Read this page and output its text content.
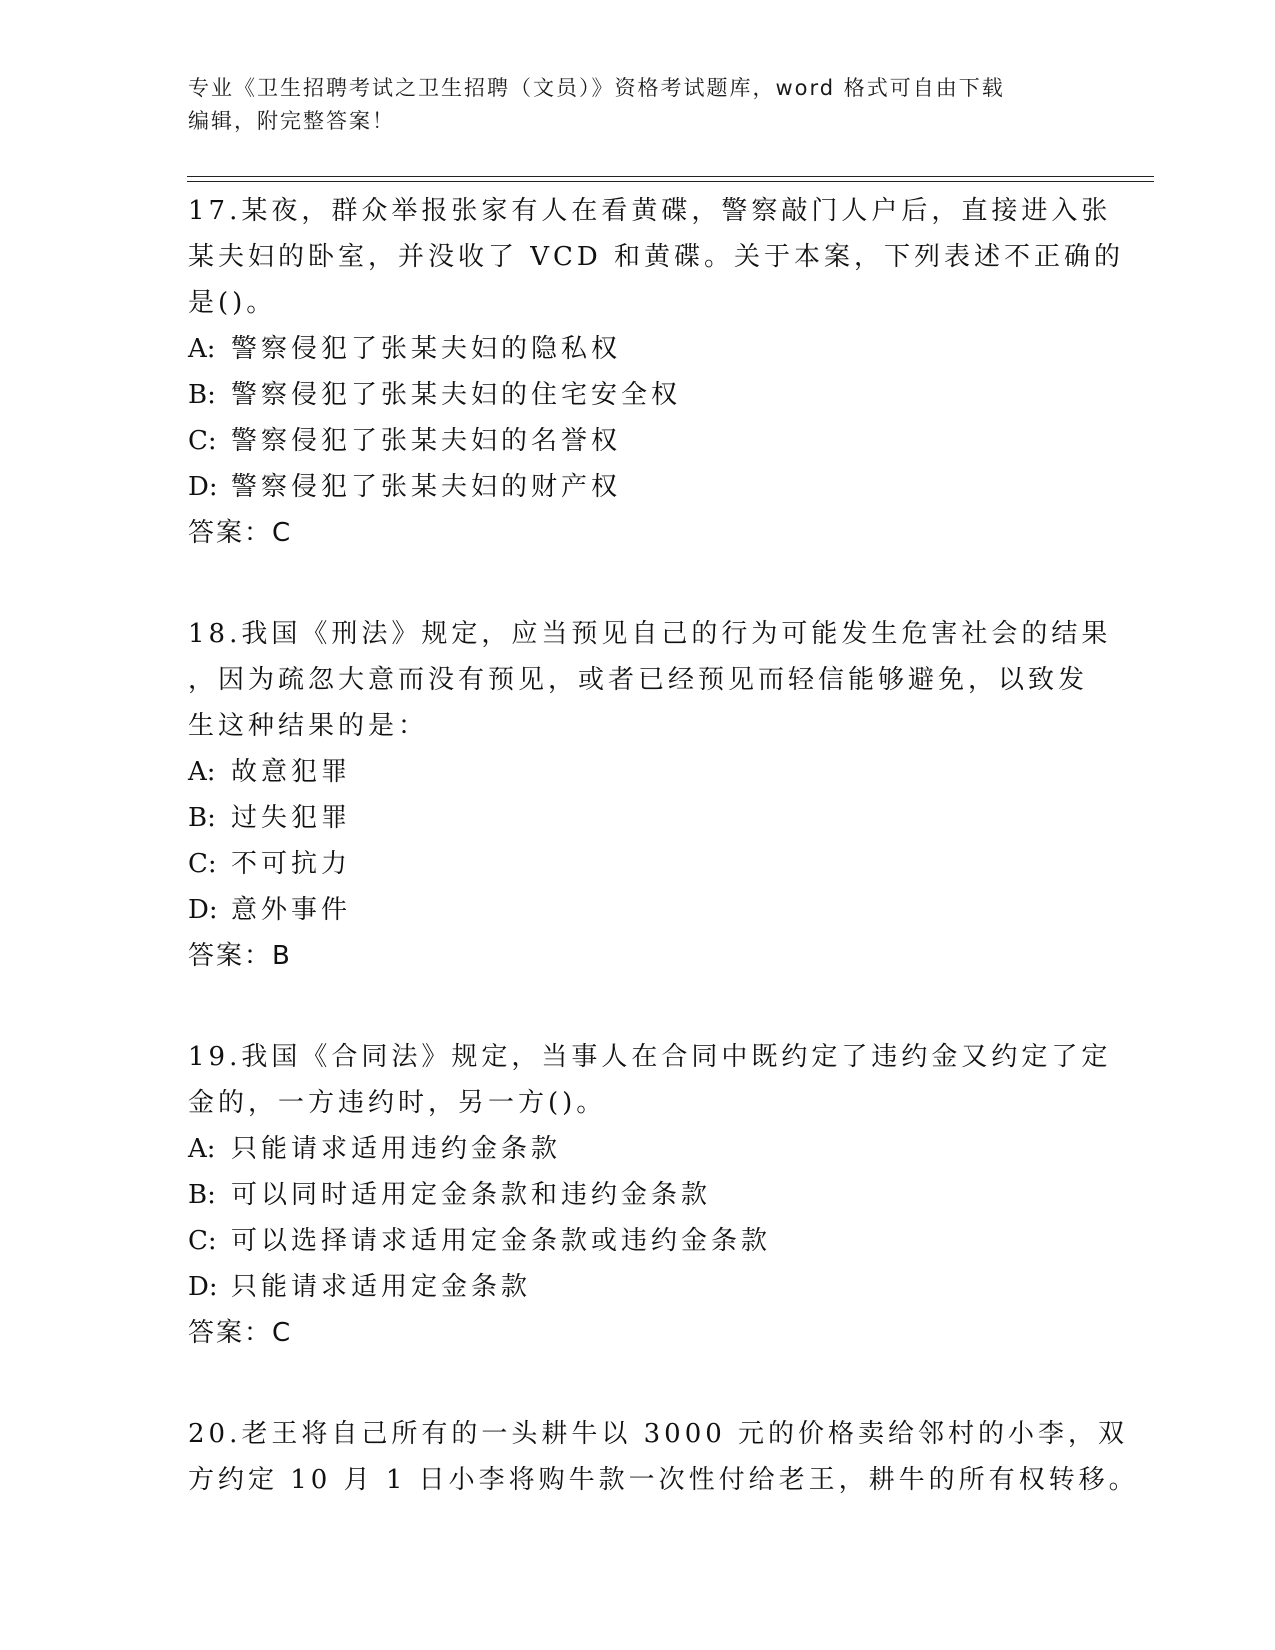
专业《卫生招聘考试之卫生招聘（文员）》资格考试题库，word 格式可自由下载
编辑，附完整答案！
17.某夜，群众举报张家有人在看黄碟，警察敲门人户后，直接进入张
某夫妇的卧室，并没收了 VCD 和黄碟。关于本案，下列表述不正确的
是()。
A: 警察侵犯了张某夫妇的隐私权
B: 警察侵犯了张某夫妇的住宅安全权
C: 警察侵犯了张某夫妇的名誉权
D: 警察侵犯了张某夫妇的财产权
答案：C
18.我国《刑法》规定，应当预见自己的行为可能发生危害社会的结果
，因为疏忽大意而没有预见，或者已经预见而轻信能够避免，以致发
生这种结果的是：
A: 故意犯罪
B: 过失犯罪
C: 不可抗力
D: 意外事件
答案：B
19.我国《合同法》规定，当事人在合同中既约定了违约金又约定了定
金的，一方违约时，另一方()。
A: 只能请求适用违约金条款
B: 可以同时适用定金条款和违约金条款
C: 可以选择请求适用定金条款或违约金条款
D: 只能请求适用定金条款
答案：C
20.老王将自己所有的一头耕牛以 3000 元的价格卖给邻村的小李，双
方约定 10 月 1 日小李将购牛款一次性付给老王，耕牛的所有权转移。
